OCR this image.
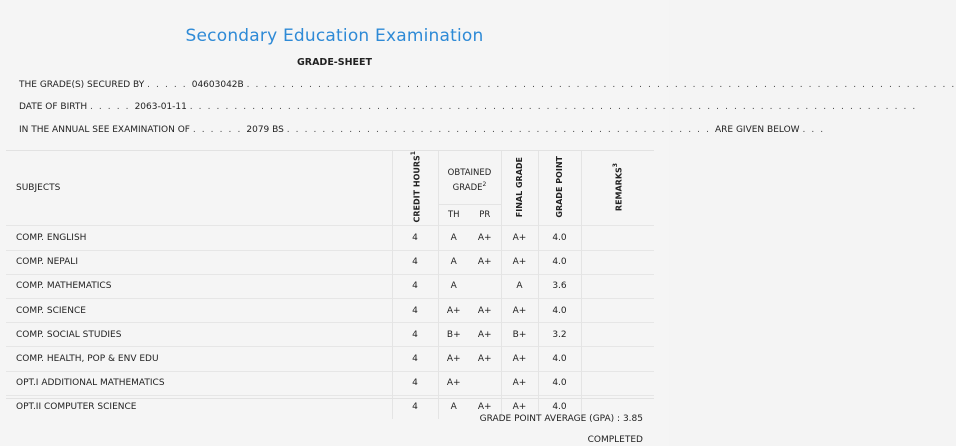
Secondary Education Examination
GRADE-SHEET
THE GRADE(S) SECURED BY . . . . . 04603042B . . . . . . . . . . . . . . . . . . . . . . . . . . . . . . . . . . . . . . . . . . . . . . . . . . . . . . . . . . . . . . . . . . . . . . . . . . . . . . . .
DATE OF BIRTH . . . . . 2063-01-11 . . . . . . . . . . . . . . . . . . . . . . . . . . . . . . . . . . . . . . . . . . . . . . . . . . . . . . . . . . . . . . . . . . . . . . . . . . . . . . . . . .
IN THE ANNUAL SEE EXAMINATION OF . . . . . . 2079 BS . . . . . . . . . . . . . . . . . . . . . . . . . . . . . . . . . . . . . . . . . . . . . . . . ARE GIVEN BELOW . . .
SUBJECTS	CREDIT HOURS$^1$	OBTAINED GRADE$^2$		FINAL GRADE	GRADE POINT	REMARKS$^3$
		TH	PR			
COMP. ENGLISH	4	A	A+	A+	4.0	
COMP. NEPALI	4	A	A+	A+	4.0	
COMP. MATHEMATICS	4	A		A	3.6	
COMP. SCIENCE	4	A+	A+	A+	4.0	
COMP. SOCIAL STUDIES	4	B+	A+	B+	3.2	
COMP. HEALTH, POP & ENV EDU	4	A+	A+	A+	4.0	
OPT.I ADDITIONAL MATHEMATICS	4	A+		A+	4.0	
OPT.II COMPUTER SCIENCE	4	A	A+	A+	4.0	
GRADE POINT AVERAGE (GPA) : 3.85
COMPLETED
